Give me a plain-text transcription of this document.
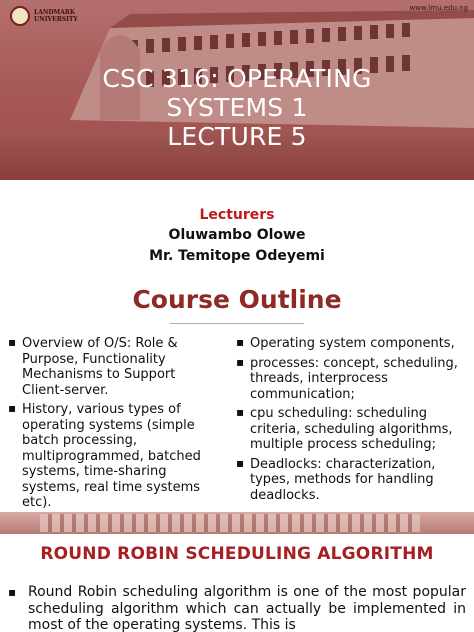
LANDMARK
UNIVERSITY
www.lmu.edu.ng
CSC 316: OPERATING
SYSTEMS 1
LECTURE 5
Lecturers
Oluwambo Olowe
Mr. Temitope Odeyemi
Course Outline
▪ Overview of O/S: Role & Purpose, Functionality Mechanisms to Support Client-server.
▪ History, various types of operating systems (simple batch processing, multiprogrammed, batched systems, time-sharing systems, real time systems etc).
▪ Operating system components,
▪ processes: concept, scheduling, threads, interprocess communication;
▪ cpu scheduling: scheduling criteria, scheduling algorithms, multiple process scheduling;
▪ Deadlocks: characterization, types, methods for handling deadlocks.
ROUND ROBIN SCHEDULING ALGORITHM
▪ Round Robin scheduling algorithm is one of the most popular scheduling algorithm which can actually be implemented in most of the operating systems. This is
